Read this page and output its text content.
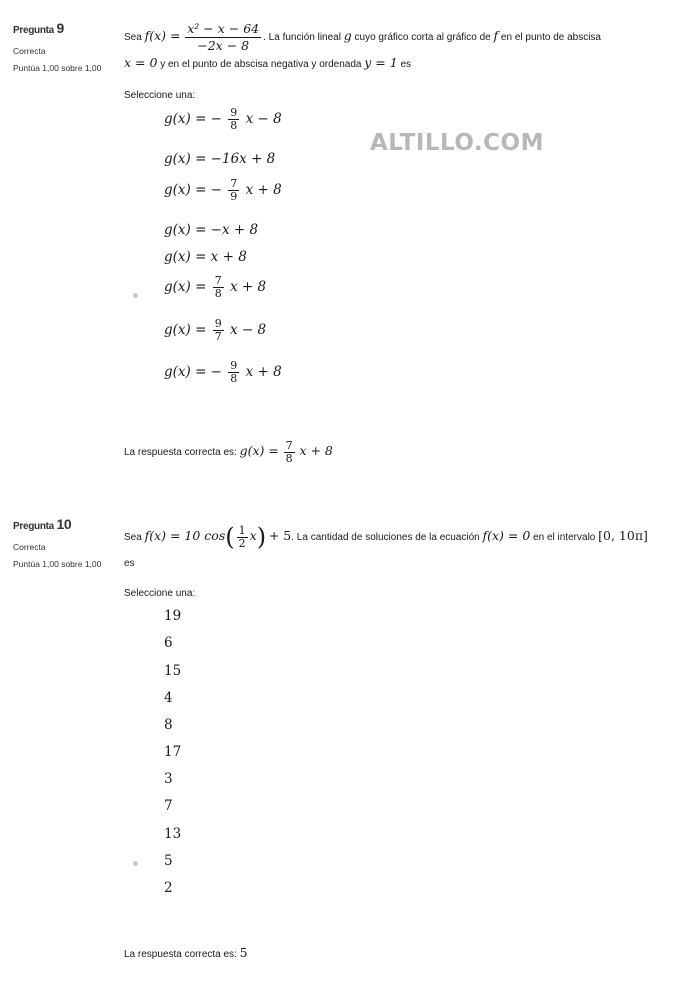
Pregunta 9
Correcta
Puntúa 1,00 sobre 1,00
Sea $f(x) = \frac{\text{x² − x − 64}}{-2x - 8}$ . La función lineal g cuyo gráfico corta al gráfico de f en el punto de abscisa
x = 0 y en el punto de abscisa negativa y ordenada y = 1 es
Seleccione una:
g(x) = − $\frac{9}{8}$ x − 8
g(x) = −16x + 8
g(x) = − $\frac{7}{9}$ x + 8
g(x) = −x + 8
g(x) = x + 8
$g(x) = \frac{7}{8}$ x + 8
$g(x) = \frac{9}{7}$ x − 8
g(x) = − $\frac{9}{8}$ x + 8
ALTILLO.COM
La respuesta correcta es: $g(x) = \frac{7}{8}$ x + 8
Pregunta 10
Correcta
Puntúa 1,00 sobre 1,00
Sea f(x) = 10 $\cos( \frac{1}{2} x) + 5$. La cantidad de soluciones de la ecuación f(x) = 0 en el intervalo [0, 10π]
es
Seleccione una:
19
6
15
4
8
17
3
7
13
5
2
La respuesta correcta es: 5
